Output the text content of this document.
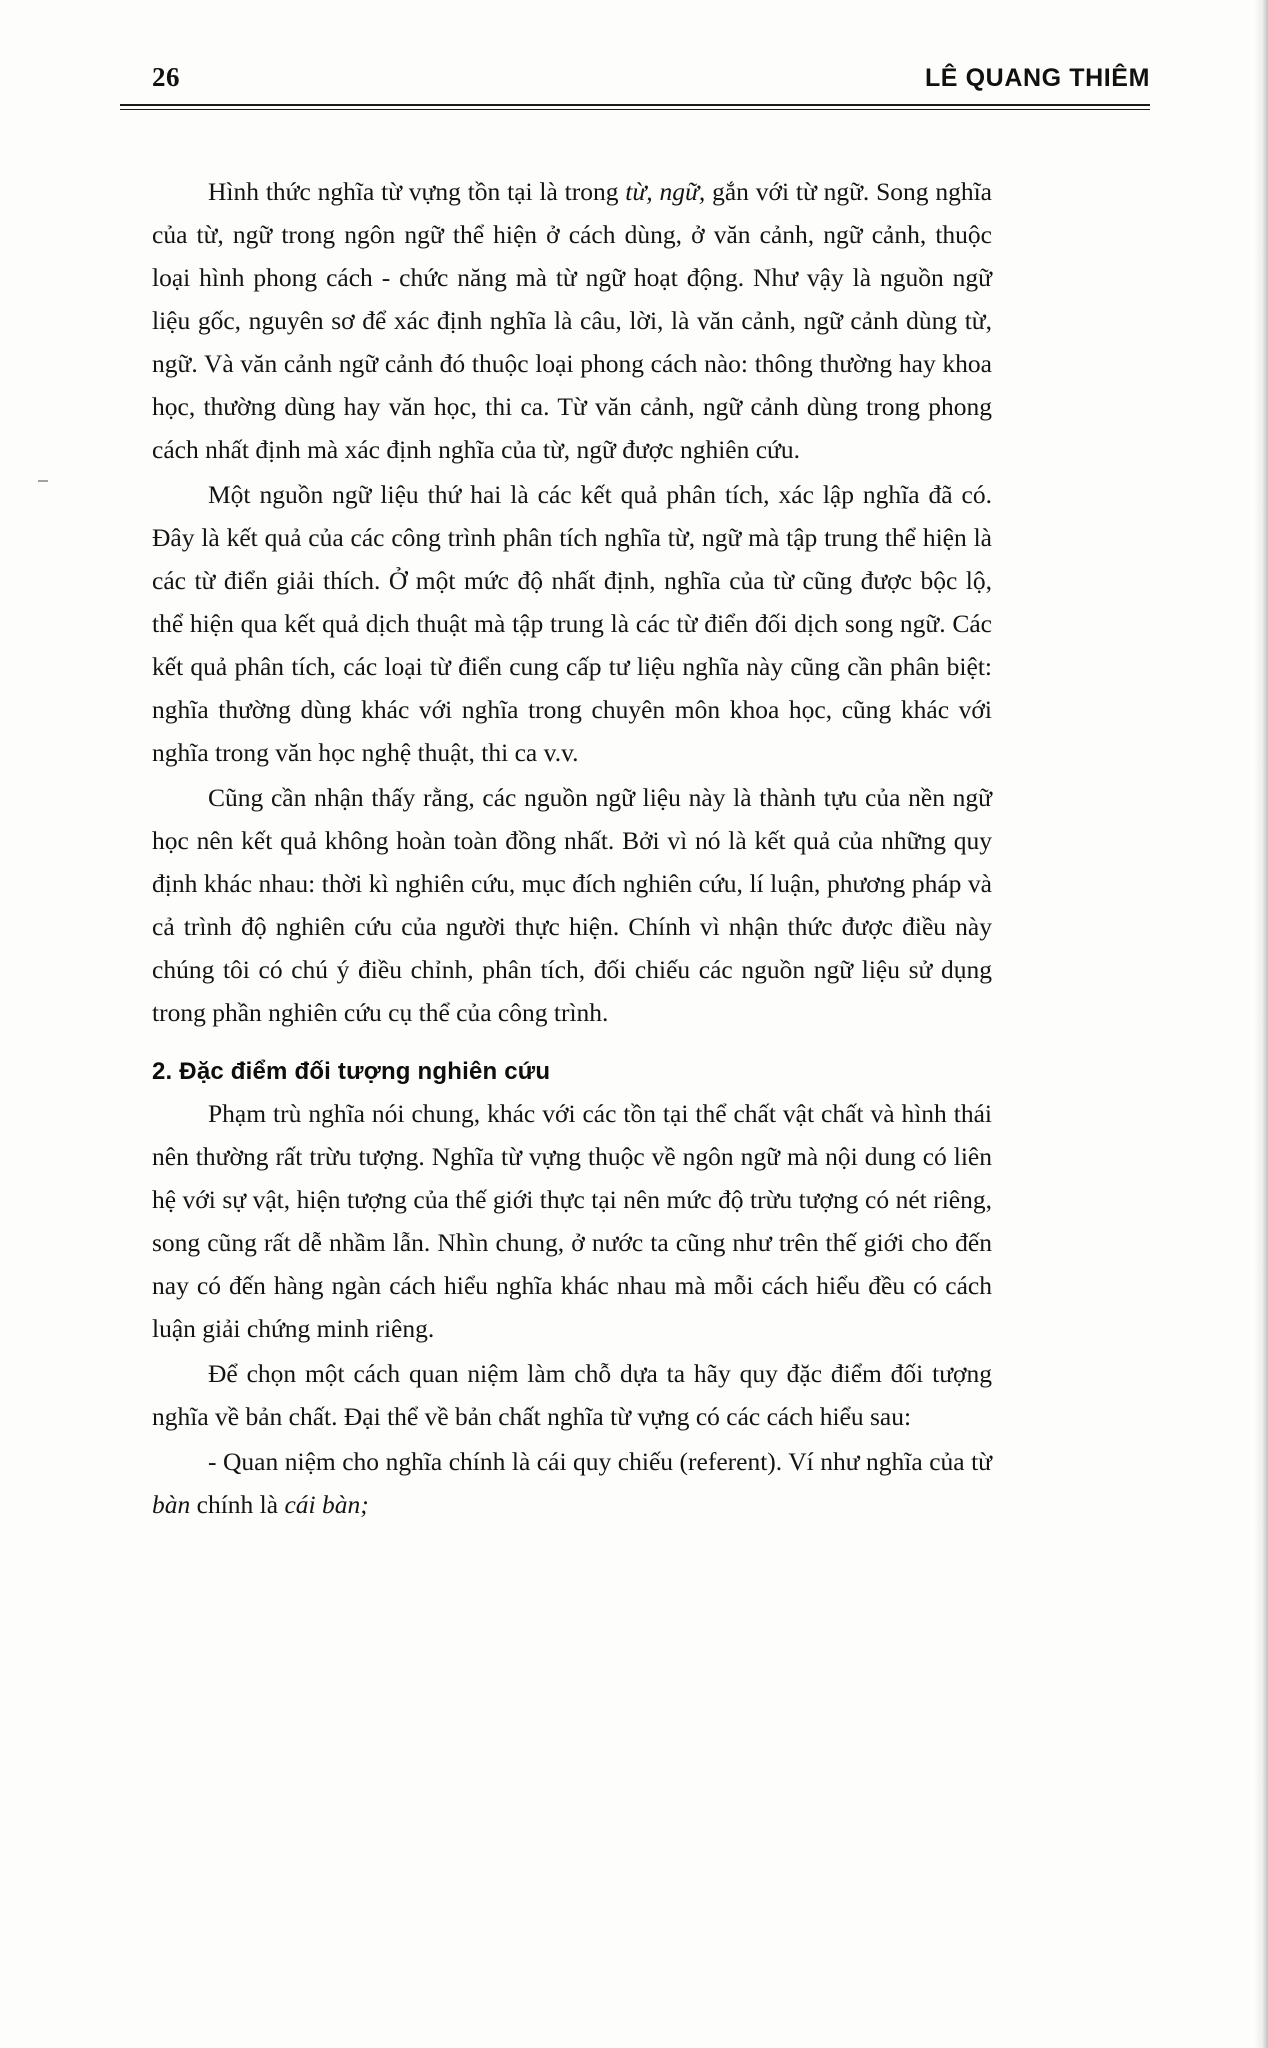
26	LÊ QUANG THIÊM

Hình thức nghĩa từ vựng tồn tại là trong từ, ngữ, gắn với từ ngữ. Song nghĩa của từ, ngữ trong ngôn ngữ thể hiện ở cách dùng, ở văn cảnh, ngữ cảnh, thuộc loại hình phong cách - chức năng mà từ ngữ hoạt động. Như vậy là nguồn ngữ liệu gốc, nguyên sơ để xác định nghĩa là câu, lời, là văn cảnh, ngữ cảnh dùng từ, ngữ. Và văn cảnh ngữ cảnh đó thuộc loại phong cách nào: thông thường hay khoa học, thường dùng hay văn học, thi ca. Từ văn cảnh, ngữ cảnh dùng trong phong cách nhất định mà xác định nghĩa của từ, ngữ được nghiên cứu.

Một nguồn ngữ liệu thứ hai là các kết quả phân tích, xác lập nghĩa đã có. Đây là kết quả của các công trình phân tích nghĩa từ, ngữ mà tập trung thể hiện là các từ điển giải thích. Ở một mức độ nhất định, nghĩa của từ cũng được bộc lộ, thể hiện qua kết quả dịch thuật mà tập trung là các từ điển đối dịch song ngữ. Các kết quả phân tích, các loại từ điển cung cấp tư liệu nghĩa này cũng cần phân biệt: nghĩa thường dùng khác với nghĩa trong chuyên môn khoa học, cũng khác với nghĩa trong văn học nghệ thuật, thi ca v.v.

Cũng cần nhận thấy rằng, các nguồn ngữ liệu này là thành tựu của nền ngữ học nên kết quả không hoàn toàn đồng nhất. Bởi vì nó là kết quả của những quy định khác nhau: thời kì nghiên cứu, mục đích nghiên cứu, lí luận, phương pháp và cả trình độ nghiên cứu của người thực hiện. Chính vì nhận thức được điều này chúng tôi có chú ý điều chỉnh, phân tích, đối chiếu các nguồn ngữ liệu sử dụng trong phần nghiên cứu cụ thể của công trình.

2. Đặc điểm đối tượng nghiên cứu

Phạm trù nghĩa nói chung, khác với các tồn tại thể chất vật chất và hình thái nên thường rất trừu tượng. Nghĩa từ vựng thuộc về ngôn ngữ mà nội dung có liên hệ với sự vật, hiện tượng của thế giới thực tại nên mức độ trừu tượng có nét riêng, song cũng rất dễ nhầm lẫn. Nhìn chung, ở nước ta cũng như trên thế giới cho đến nay có đến hàng ngàn cách hiểu nghĩa khác nhau mà mỗi cách hiểu đều có cách luận giải chứng minh riêng.

Để chọn một cách quan niệm làm chỗ dựa ta hãy quy đặc điểm đối tượng nghĩa về bản chất. Đại thể về bản chất nghĩa từ vựng có các cách hiểu sau:

- Quan niệm cho nghĩa chính là cái quy chiếu (referent). Ví như nghĩa của từ bàn chính là cái bàn;
